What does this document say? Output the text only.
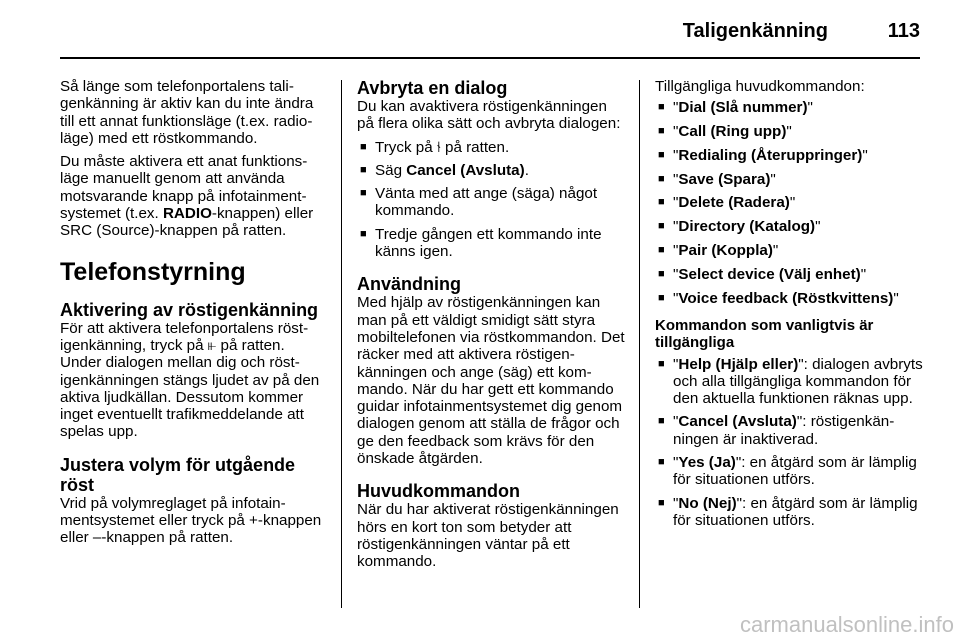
Taligenkänning	113

Så länge som telefonportalens taligenkänning är aktiv kan du inte ändra till ett annat funktionsläge (t.ex. radioläge) med ett röstkommando.

Du måste aktivera ett anat funktionsläge manuellt genom att använda motsvarande knapp på infotainmentsystemet (t.ex. RADIO-knappen) eller SRC (Source)-knappen på ratten.

Telefonstyrning
Aktivering av röstigenkänning

För att aktivera telefonportalens röstigenkänning, tryck på ⫦ på ratten. Under dialogen mellan dig och röstigenkänningen stängs ljudet av på den aktiva ljudkällan. Dessutom kommer inget eventuellt trafikmeddelande att spelas upp.

Justera volym för utgående röst

Vrid på volymreglaget på infotainmentsystemet eller tryck på +-knappen eller –-knappen på ratten.

Avbryta en dialog

Du kan avaktivera röstigenkänningen på flera olika sätt och avbryta dialogen:

■ Tryck på ⫮ på ratten.
■ Säg Cancel (Avsluta).
■ Vänta med att ange (säga) något kommando.
■ Tredje gången ett kommando inte känns igen.
Användning

Med hjälp av röstigenkänningen kan man på ett väldigt smidigt sätt styra mobiltelefonen via röstkommandon. Det räcker med att aktivera röstigenkänningen och ange (säg) ett kommando. När du har gett ett kommando guidar infotainmentsystemet dig genom dialogen genom att ställa de frågor och ge den feedback som krävs för den önskade åtgärden.

Huvudkommandon

När du har aktiverat röstigenkänningen hörs en kort ton som betyder att röstigenkänningen väntar på ett kommando.

Tillgängliga huvudkommandon:

■ "Dial (Slå nummer)"
■ "Call (Ring upp)"
■ "Redialing (Återuppringer)"
■ "Save (Spara)"
■ "Delete (Radera)"
■ "Directory (Katalog)"
■ "Pair (Koppla)"
■ "Select device (Välj enhet)"
■ "Voice feedback (Röstkvittens)"
Kommandon som vanligtvis är tillgängliga
■ "Help (Hjälp eller)": dialogen avbryts och alla tillgängliga kommandon för den aktuella funktionen räknas upp.
■ "Cancel (Avsluta)": röstigenkänningen är inaktiverad.
■ "Yes (Ja)": en åtgärd som är lämplig för situationen utförs.
■ "No (Nej)": en åtgärd som är lämplig för situationen utförs.
carmanualsonline.info
